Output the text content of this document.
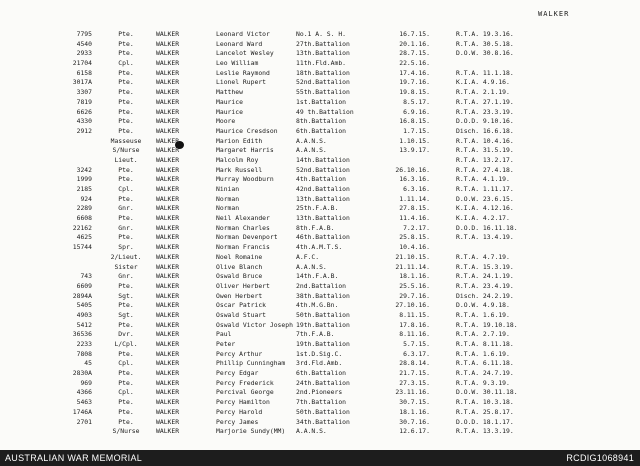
WALKER
7795	Pte.	WALKER	Leonard Victor	No.1 A. S. H.	16.7.15.	R.T.A. 19.3.16.
4540	Pte.	WALKER	Leonard Ward	27th.Battalion	20.1.16.	R.T.A. 30.5.18.
2933	Pte.	WALKER	Lancelot Wesley	13th.Battalion	28.7.15.	D.O.W. 30.8.16.
21704	Cpl.	WALKER	Leo William	11th.Fld.Amb.	22.5.16.
6158	Pte.	WALKER	Leslie Raymond	18th.Battalion	17.4.16.	R.T.A. 11.1.18.
3017A	Pte.	WALKER	Lionel Rupert	52nd.Battalion	19.7.16.	K.I.A. 4.9.16.
3307	Pte.	WALKER	Matthew	55th.Battalion	19.8.15.	R.T.A. 2.1.19.
7819	Pte.	WALKER	Maurice	1st.Battalion	8.5.17.	R.T.A. 27.1.19.
6626	Pte.	WALKER	Maurice	49 th.Battalion	6.9.16.	R.T.A. 23.3.19.
4330	Pte.	WALKER	Moore	8th.Battalion	16.8.15.	D.O.D. 9.10.16.
2912	Pte.	WALKER	Maurice Cresdson	6th.Battalion	1.7.15.	Disch. 16.6.18.
Masseuse	WALKER	Marion Edith	A.A.N.S.	1.10.15.	R.T.A. 10.4.16.
S/Nurse	WALKER	Margaret Harris	A.A.N.S.	13.9.17.	R.T.A. 31.5.19.
Lieut.	WALKER	Malcolm Roy	14th.Battalion	R.T.A. 13.2.17.
3242	Pte.	WALKER	Mark Russell	52nd.Battalion	26.10.16.	R.T.A. 27.4.18.
1999	Pte.	WALKER	Murray Woodburn	4th.Battalion	16.3.16.	R.T.A. 4.1.19.
2185	Cpl.	WALKER	Ninian	42nd.Battalion	6.3.16.	R.T.A. 1.11.17.
924	Pte.	WALKER	Norman	13th.Battalion	1.11.14.	D.O.W. 23.6.15.
2289	Gnr.	WALKER	Norman	25th.F.A.B.	27.8.15.	K.I.A. 4.12.16.
6608	Pte.	WALKER	Neil Alexander	13th.Battalion	11.4.16.	K.I.A. 4.2.17.
22162	Gnr.	WALKER	Norman Charles	8th.F.A.B.	7.2.17.	D.O.D. 16.11.18.
4625	Pte.	WALKER	Norman Devenport	46th.Battalion	25.8.15.	R.T.A. 13.4.19.
15744	Spr.	WALKER	Norman Francis	4th.A.M.T.S.	10.4.16.
2/Lieut.	WALKER	Noel Romaine	A.F.C.	21.10.15.	R.T.A. 4.7.19.
Sister	WALKER	Olive Blanch	A.A.N.S.	21.11.14.	R.T.A. 15.3.19.
743	Gnr.	WALKER	Oswald Bruce	14th.F.A.B.	18.1.16.	R.T.A. 24.1.19.
6609	Pte.	WALKER	Oliver Herbert	2nd.Battalion	25.5.16.	R.T.A. 23.4.19.
2894A	Sgt.	WALKER	Owen Herbert	38th.Battalion	29.7.16.	Disch. 24.2.19.
5405	Pte.	WALKER	Oscar Patrick	4th.M.G.Bn.	27.10.16.	D.O.W. 4.9.18.
4903	Sgt.	WALKER	Oswald Stuart	50th.Battalion	8.11.15.	R.T.A. 1.6.19.
5412	Pte.	WALKER	Oswald Victor Joseph 19th.Battalion	17.8.16.	R.T.A. 19.10.18.
36536	Dvr.	WALKER	Paul	7th.F.A.B.	8.11.16.	R.T.A. 2.7.19.
2233	L/Cpl.	WALKER	Peter	19th.Battalion	5.7.15.	R.T.A. 8.11.18.
7808	Pte.	WALKER	Percy Arthur	1st.D.Sig.C.	6.3.17.	R.T.A. 1.6.19.
45	Cpl.	WALKER	Phillip Cunningham 3rd.Fld.Amb.	28.8.14.	R.T.A. 6.11.18.
2830A	Pte.	WALKER	Percy Edgar	6th.Battalion	21.7.15.	R.T.A. 24.7.19.
969	Pte.	WALKER	Percy Frederick	24th.Battalion	27.3.15.	R.T.A. 9.3.19.
4366	Cpl.	WALKER	Percival George	2nd.Pioneers	23.11.16.	D.O.W. 30.11.18.
5463	Pte.	WALKER	Percy Hamilton	7th.Battalion	30.7.15.	R.T.A. 10.3.18.
1746A	Pte.	WALKER	Percy Harold	50th.Battalion	18.1.16.	R.T.A. 25.8.17.
2701	Pte.	WALKER	Percy James	34th.Battalion	30.7.16.	D.O.D. 18.1.17.
S/Nurse	WALKER	Marjorie Sundy(MM) A.A.N.S.	12.6.17.	R.T.A. 13.3.19.
AUSTRALIAN WAR MEMORIAL	RCDIG1068941
